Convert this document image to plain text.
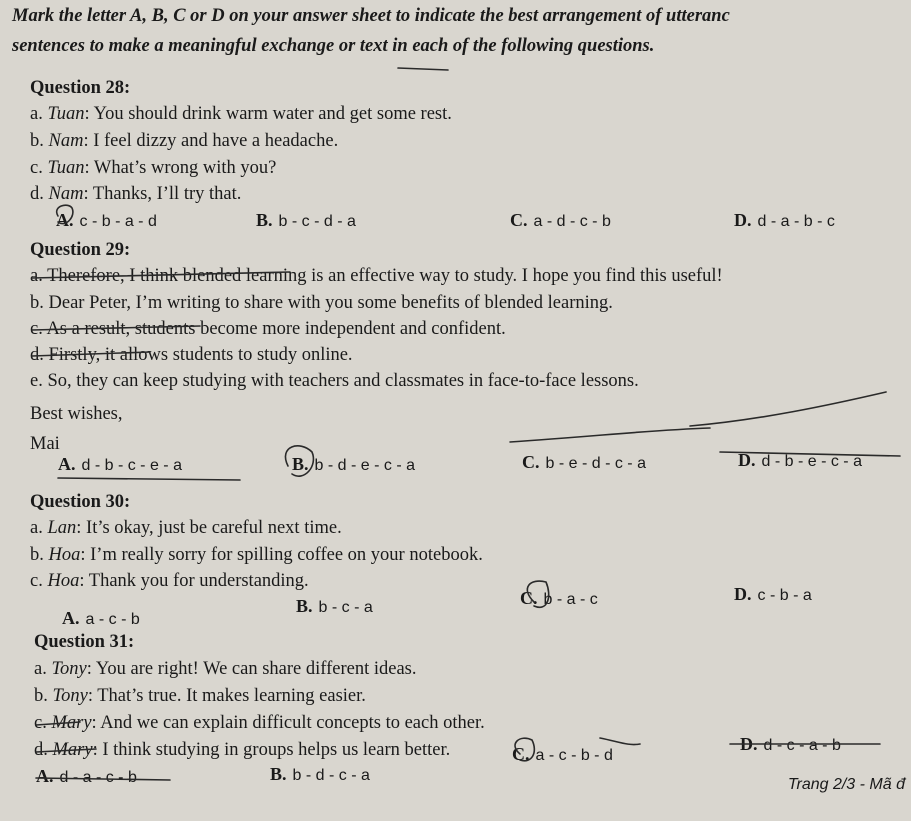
Mark the letter A, B, C or D on your answer sheet to indicate the best arrangement of utteranc
sentences to make a meaningful exchange or text in each of the following questions.
Question 28:
a. Tuan: You should drink warm water and get some rest.
b. Nam: I feel dizzy and have a headache.
c. Tuan: What’s wrong with you?
d. Nam: Thanks, I’ll try that.
A. c - b - a - d	B. b - c - d - a	C. a - d - c - b	D. d - a - b - c
Question 29:
a. Therefore, I think blended learning is an effective way to study. I hope you find this useful!
b. Dear Peter, I’m writing to share with you some benefits of blended learning.
c. As a result, students become more independent and confident.
d. Firstly, it allows students to study online.
e. So, they can keep studying with teachers and classmates in face-to-face lessons.
Best wishes,
Mai
A. d - b - c - e - a	B. b - d - e - c - a	C. b - e - d - c - a	D. d - b - e - c - a
Question 30:
a. Lan: It’s okay, just be careful next time.
b. Hoa: I’m really sorry for spilling coffee on your notebook.
c. Hoa: Thank you for understanding.
A. a - c - b
B. b - c - a	C. b - a - c	D. c - b - a
Question 31:
a. Tony: You are right! We can share different ideas.
b. Tony: That’s true. It makes learning easier.
c. Mary: And we can explain difficult concepts to each other.
d. Mary: I think studying in groups helps us learn better.
A. d - a - c - b	B. b - d - c - a
C. a - c - b - d
D. d - c - a - b
Trang 2/3 - Mã đ
